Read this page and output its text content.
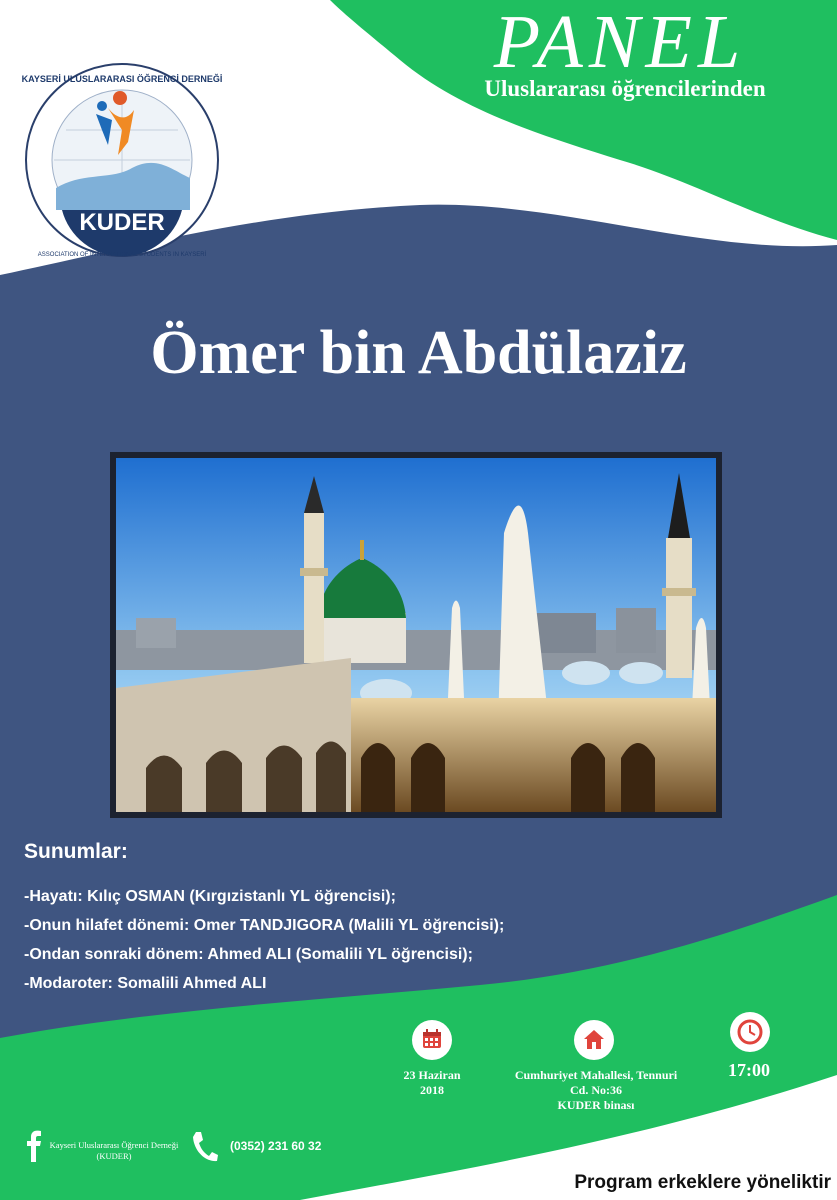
KUDER
KAYSERİ ULUSLARARASI ÖĞRENCİ DERNEĞİ
ASSOCIATION OF INTERNATIONAL STUDENTS IN KAYSERİ
PANEL
Uluslararası öğrencilerinden
Ömer bin Abdülaziz
Sunumlar:
-Hayatı: Kılıç OSMAN (Kırgızistanlı YL öğrencisi);
-Onun hilafet dönemi: Omer TANDJIGORA (Malili YL öğrencisi);
-Ondan sonraki dönem: Ahmed ALI (Somalili YL öğrencisi);
-Modaroter: Somalili Ahmed ALI
23 Haziran
2018
Cumhuriyet Mahallesi, Tennuri
Cd. No:36
KUDER binası
17:00
Kayseri Uluslararası Öğrenci Derneği
(KUDER)
(0352) 231 60 32
Program erkeklere yöneliktir
